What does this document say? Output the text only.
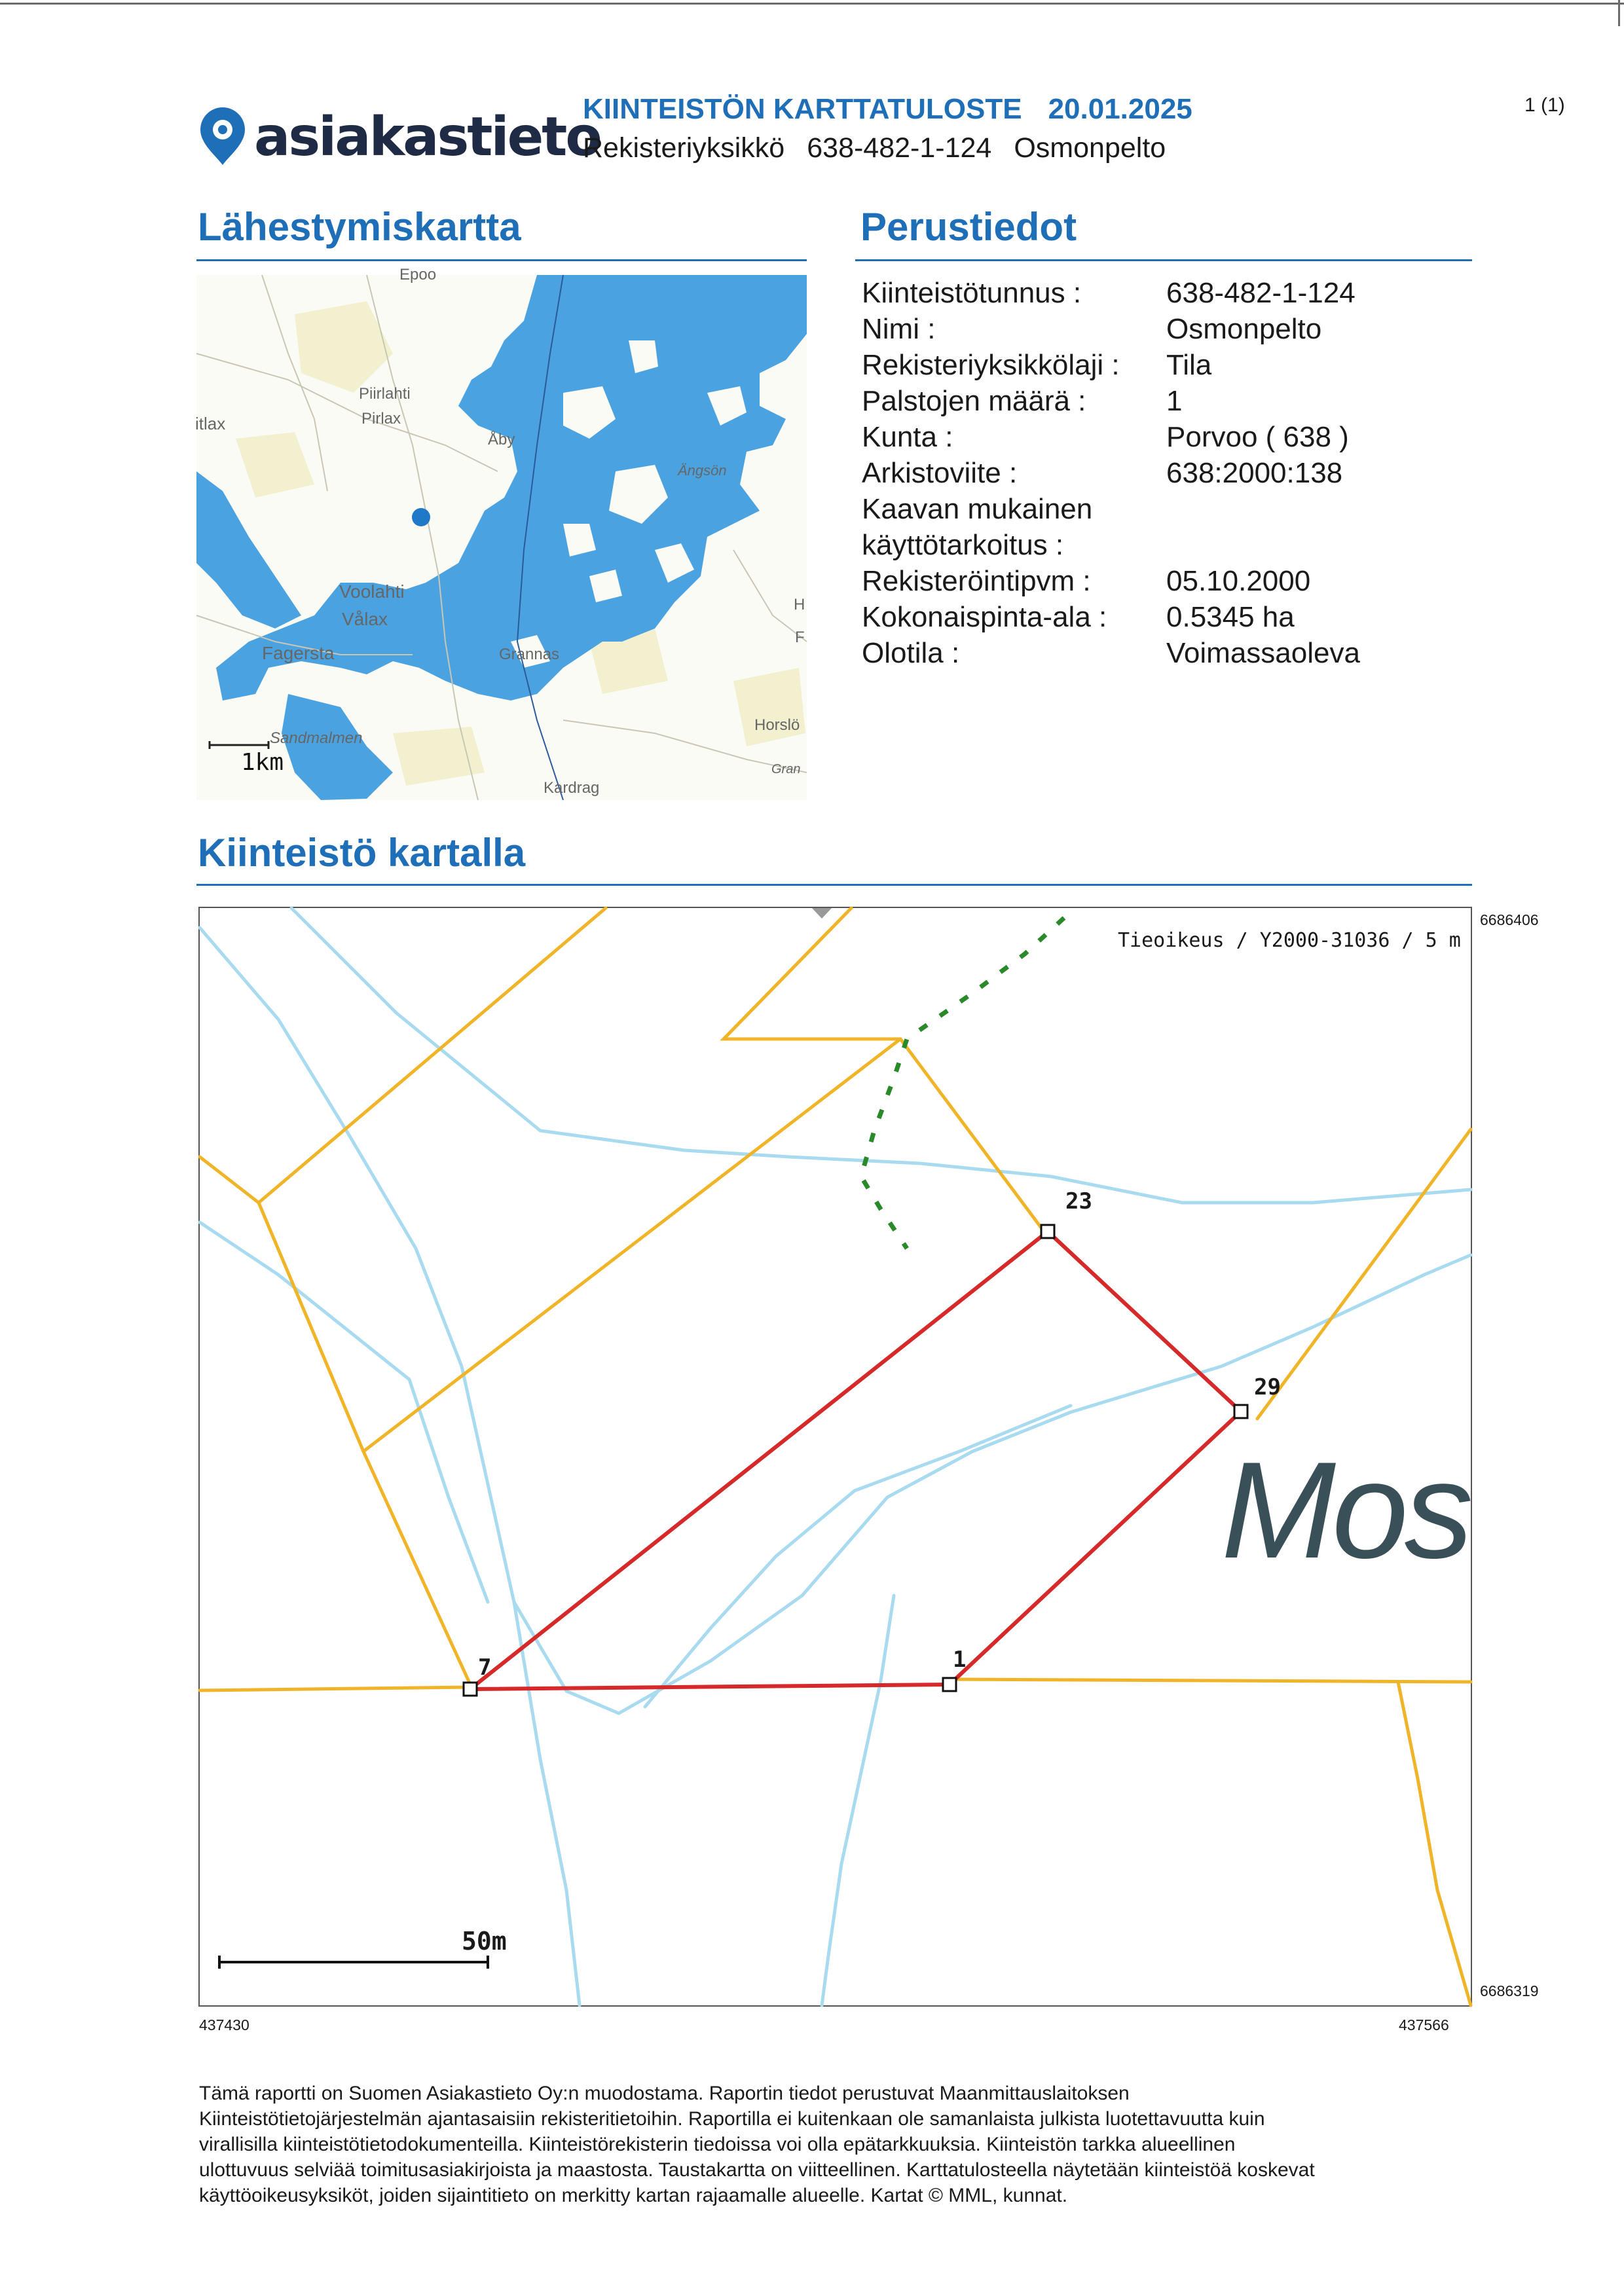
asiakastieto
KIINTEISTÖN KARTTATULOSTE 20.01.2025
Rekisteriyksikkö 638-482-1-124 Osmonpelto
1 (1)
Lähestymiskartta	Perustiedot
Kiinteistötunnus :	638-482-1-124
Nimi :	Osmonpelto
Rekisteriyksikkölaji :	Tila
Palstojen määrä :	1
Kunta :	Porvoo ( 638 )
Arkistoviite :	638:2000:138
Kaavan mukainen
käyttötarkoitus :
Rekisteröintipvm :	05.10.2000
Kokonaispinta-ala :	0.5345 ha
Olotila :	Voimassaoleva
Epoo
Piirlahti
Pirlax
itlax
Åby
Ängsön
Voolahti
Vålax
Fagersta	Grannas
H
F
Horslö
Sandmalmen
Gran
Kardrag
1km
Kiinteistö kartalla
Tieoikeus / Y2000-31036 / 5 m
23
29
7	1
Mos
50m
6686406
6686319
437430	437566

Tämä raportti on Suomen Asiakastieto Oy:n muodostama. Raportin tiedot perustuvat Maanmittauslaitoksen

Kiinteistötietojärjestelmän ajantasaisiin rekisteritietoihin. Raportilla ei kuitenkaan ole samanlaista julkista luotettavuutta kuin

virallisilla kiinteistötietodokumenteilla. Kiinteistörekisterin tiedoissa voi olla epätarkkuuksia. Kiinteistön tarkka alueellinen

ulottuvuus selviää toimitusasiakirjoista ja maastosta. Taustakartta on viitteellinen. Karttatulosteella näytetään kiinteistöä koskevat

käyttöoikeusyksiköt, joiden sijaintitieto on merkitty kartan rajaamalle alueelle. Kartat © MML, kunnat.
